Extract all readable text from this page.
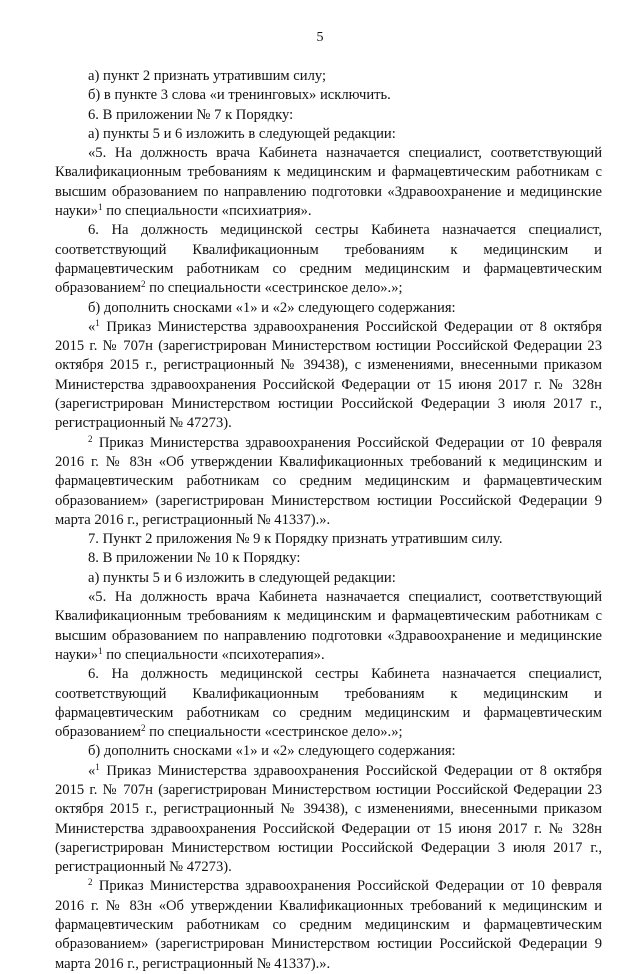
5

а) пункт 2 признать утратившим силу;

б) в пункте 3 слова «и тренинговых» исключить.

6. В приложении № 7 к Порядку:

а) пункты 5 и 6 изложить в следующей редакции:

«5. На должность врача Кабинета назначается специалист, соответствующий Квалификационным требованиям к медицинским и фармацевтическим работникам с высшим образованием по направлению подготовки «Здравоохранение и медицинские науки»$^1$ по специальности «психиатрия».

6. На должность медицинской сестры Кабинета назначается специалист, соответствующий Квалификационным требованиям к медицинским и фармацевтическим работникам со средним медицинским и фармацевтическим образованием$^2$ по специальности «сестринское дело».»;

б) дополнить сносками «1» и «2» следующего содержания:

«$^1$ Приказ Министерства здравоохранения Российской Федерации от 8 октября 2015 г. № 707н (зарегистрирован Министерством юстиции Российской Федерации 23 октября 2015 г., регистрационный № 39438), с изменениями, внесенными приказом Министерства здравоохранения Российской Федерации от 15 июня 2017 г. № 328н (зарегистрирован Министерством юстиции Российской Федерации 3 июля 2017 г., регистрационный № 47273).

$^2$ Приказ Министерства здравоохранения Российской Федерации от 10 февраля 2016 г. № 83н «Об утверждении Квалификационных требований к медицинским и фармацевтическим работникам со средним медицинским и фармацевтическим образованием» (зарегистрирован Министерством юстиции Российской Федерации 9 марта 2016 г., регистрационный № 41337).».

7. Пункт 2 приложения № 9 к Порядку признать утратившим силу.

8. В приложении № 10 к Порядку:

а) пункты 5 и 6 изложить в следующей редакции:

«5. На должность врача Кабинета назначается специалист, соответствующий Квалификационным требованиям к медицинским и фармацевтическим работникам с высшим образованием по направлению подготовки «Здравоохранение и медицинские науки»$^1$ по специальности «психотерапия».

6. На должность медицинской сестры Кабинета назначается специалист, соответствующий Квалификационным требованиям к медицинским и фармацевтическим работникам со средним медицинским и фармацевтическим образованием$^2$ по специальности «сестринское дело».»;

б) дополнить сносками «1» и «2» следующего содержания:

«$^1$ Приказ Министерства здравоохранения Российской Федерации от 8 октября 2015 г. № 707н (зарегистрирован Министерством юстиции Российской Федерации 23 октября 2015 г., регистрационный № 39438), с изменениями, внесенными приказом Министерства здравоохранения Российской Федерации от 15 июня 2017 г. № 328н (зарегистрирован Министерством юстиции Российской Федерации 3 июля 2017 г., регистрационный № 47273).

$^2$ Приказ Министерства здравоохранения Российской Федерации от 10 февраля 2016 г. № 83н «Об утверждении Квалификационных требований к медицинским и фармацевтическим работникам со средним медицинским и фармацевтическим образованием» (зарегистрирован Министерством юстиции Российской Федерации 9 марта 2016 г., регистрационный № 41337).».
